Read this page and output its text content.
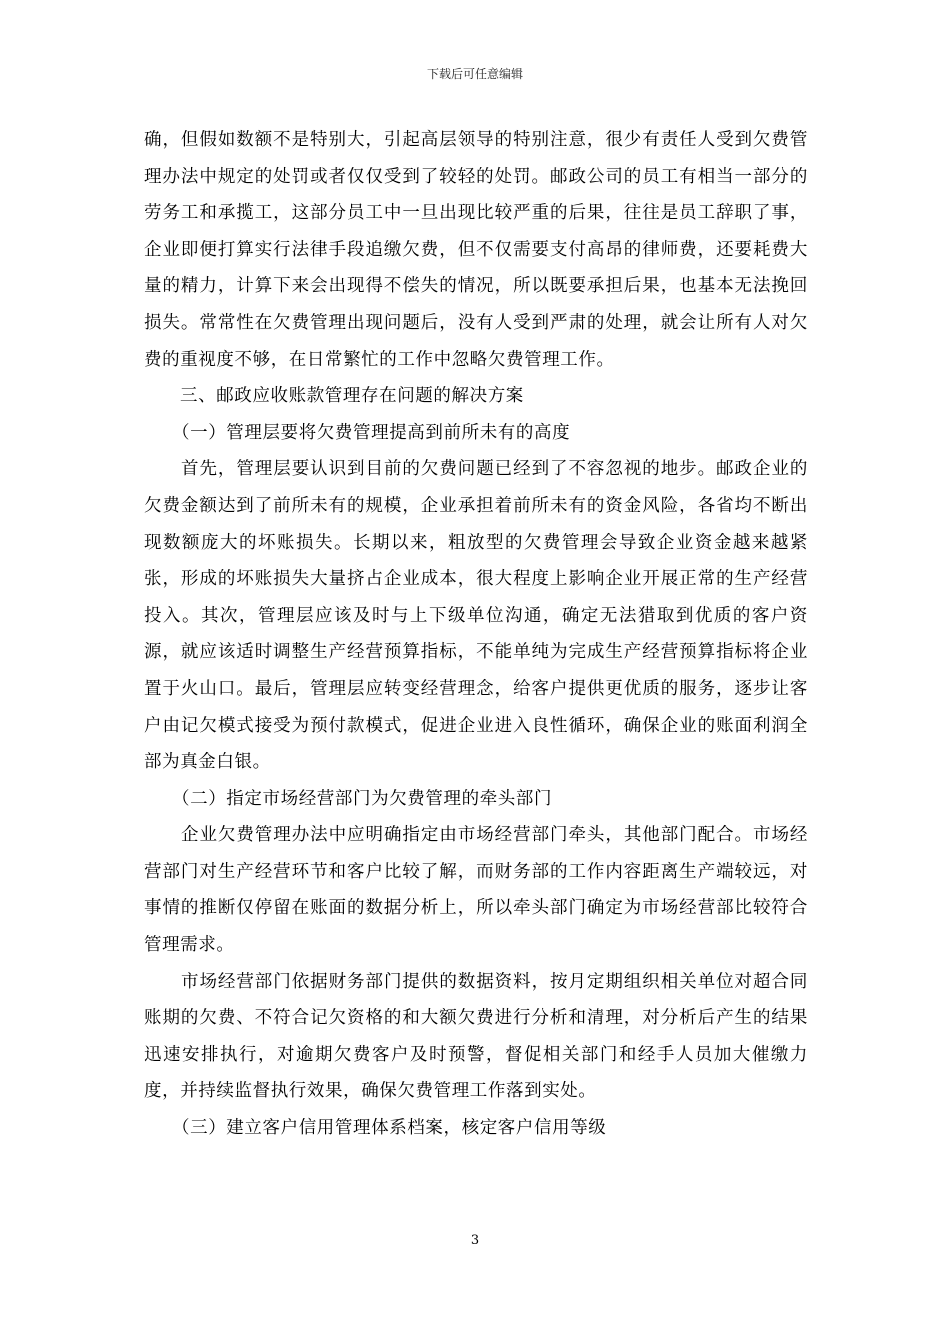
下载后可任意编辑

确，但假如数额不是特别大，引起高层领导的特别注意，很少有责任人受到欠费管理办法中规定的处罚或者仅仅受到了较轻的处罚。邮政公司的员工有相当一部分的劳务工和承揽工，这部分员工中一旦出现比较严重的后果，往往是员工辞职了事，企业即便打算实行法律手段追缴欠费，但不仅需要支付高昂的律师费，还要耗费大量的精力，计算下来会出现得不偿失的情况，所以既要承担后果，也基本无法挽回损失。常常性在欠费管理出现问题后，没有人受到严肃的处理，就会让所有人对欠费的重视度不够，在日常繁忙的工作中忽略欠费管理工作。

三、邮政应收账款管理存在问题的解决方案

（一）管理层要将欠费管理提高到前所未有的高度

首先，管理层要认识到目前的欠费问题已经到了不容忽视的地步。邮政企业的欠费金额达到了前所未有的规模，企业承担着前所未有的资金风险，各省均不断出现数额庞大的坏账损失。长期以来，粗放型的欠费管理会导致企业资金越来越紧张，形成的坏账损失大量挤占企业成本，很大程度上影响企业开展正常的生产经营投入。其次，管理层应该及时与上下级单位沟通，确定无法猎取到优质的客户资源，就应该适时调整生产经营预算指标，不能单纯为完成生产经营预算指标将企业置于火山口。最后，管理层应转变经营理念，给客户提供更优质的服务，逐步让客户由记欠模式接受为预付款模式，促进企业进入良性循环，确保企业的账面利润全部为真金白银。

（二）指定市场经营部门为欠费管理的牵头部门

企业欠费管理办法中应明确指定由市场经营部门牵头，其他部门配合。市场经营部门对生产经营环节和客户比较了解，而财务部的工作内容距离生产端较远，对事情的推断仅停留在账面的数据分析上，所以牵头部门确定为市场经营部比较符合管理需求。

市场经营部门依据财务部门提供的数据资料，按月定期组织相关单位对超合同账期的欠费、不符合记欠资格的和大额欠费进行分析和清理，对分析后产生的结果迅速安排执行，对逾期欠费客户及时预警，督促相关部门和经手人员加大催缴力度，并持续监督执行效果，确保欠费管理工作落到实处。

（三）建立客户信用管理体系档案，核定客户信用等级

3
